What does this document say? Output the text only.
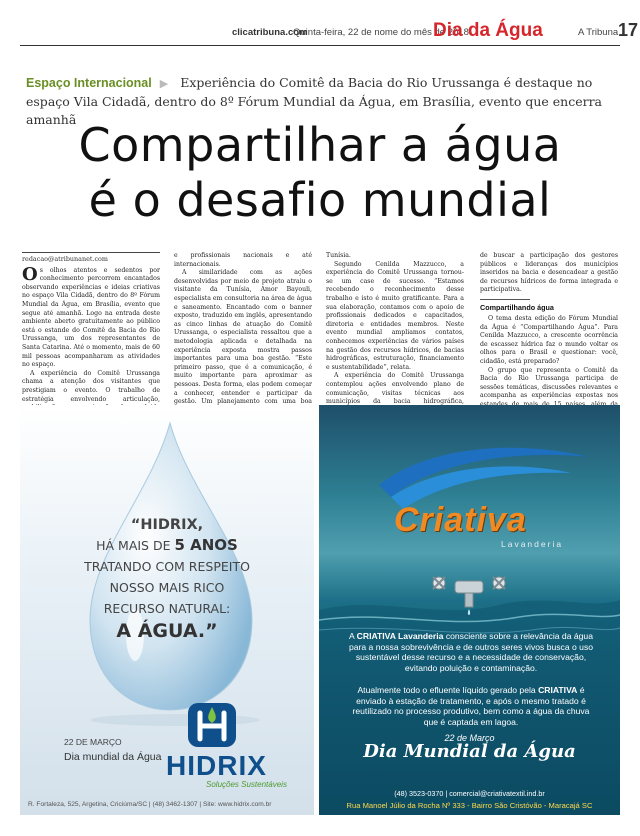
clicatribuna.com
Quinta-feira, 22 de nome do mês de 2018
Dia da Água	A Tribuna 17
Espaço Internacional ▶ Experiência do Comitê da Bacia do Rio Urussanga é destaque no espaço Vila Cidadã, dentro do 8º Fórum Mundial da Água, em Brasília, evento que encerra amanhã Compartilhar a água
é o desafio mundial
redacao@atribunanet.com

Os olhos atentos e sedentos por conhecimento percorrem encantados observando experiências e ideias criativas no espaço Vila Cidadã, dentro do 8º Fórum Mundial da Água, em Brasília, evento que segue até amanhã. Logo na entrada deste ambiente aberto gratuitamente ao público está o estande do Comitê da Bacia do Rio Urussanga, um dos representantes de Santa Catarina. Até o momento, mais de 60 mil pessoas acompanharam as atividades no espaço.

A experiência do Comitê Urussanga chama a atenção dos visitantes que prestigiam o evento. O trabalho de estratégia envolvendo articulação,

e profissionais nacionais e até internacionais.

A similaridade com as ações desenvolvidas por meio de projeto atraiu o visitante da Tunísia, Amor Bayouli, especialista em consultoria na área de água e saneamento. Encantado com o banner exposto, traduzido em inglês, apresentando as cinco linhas de atuação do Comitê Urussanga, o especialista ressaltou que a metodologia aplicada e detalhada na experiência exposta mostra passos importantes para uma boa gestão. “Este primeiro passo, que é a comunicação, é muito importante para aproximar as pessoas. Desta forma, elas podem começar a conhecer, entender e participar da gestão. Um planejamento com uma boa

Tunísia.

Segundo Cenilda Mazzucco, a experiência do Comitê Urussanga tornou-se um case de sucesso. “Estamos recebendo o reconhecimento desse trabalho e isto é muito gratificante. Para a sua elaboração, contamos com o apoio de profissionais dedicados e capacitados, diretoria e entidades membros. Neste evento mundial ampliamos contatos, conhecemos experiências de vários países na gestão dos recursos hídricos, de bacias hidrográficas, estruturação, financiamento e sustentabilidade”, relata.

A experiência do Comitê Urussanga contemplou ações envolvendo plano de comunicação, visitas técnicas aos municípios da bacia hidrográfica,

de buscar a participação dos gestores públicos e lideranças dos municípios inseridos na bacia e desencadear a gestão de recursos hídricos de forma integrada e participativa.

Compartilhando água

O tema desta edição do Fórum Mundial da Água é “Compartilhando Água”. Para Cenilda Mazzucco, a crescente ocorrência de escassez hídrica faz o mundo voltar os olhos para o Brasil e questionar: você, cidadão, está preparado?

O grupo que representa o Comitê da Bacia do Rio Urussanga participa de sessões temáticas, discussões relevantes e acompanha as experiências expostas nos

“HIDRIX,
HÁ MAIS DE 5 ANOS
TRATANDO COM RESPEITO
NOSSO MAIS RICO
RECURSO NATURAL:
A ÁGUA.”
22 DE MARÇO
Dia mundial da Água HIDRIX
Soluções Sustentáveis
R. Fortaleza, 525, Argetina, Criciúma/SC | (48) 3462-1307 | Site: www.hidrix.com.br
Criativa
Lavanderia
A CRIATIVA Lavanderia consciente sobre a relevância da água para a nossa sobrevivência e de outros seres vivos busca o uso sustentável desse recurso e a necessidade de conservação, evitando poluição e contaminação.
Atualmente todo o efluente líquido gerado pela CRIATIVA é enviado à estação de tratamento, e após o mesmo tratado é reutilizado no processo produtivo, bem como a água da chuva que é captada em lagoa.
22 de Março
Dia Mundial da Água
(48) 3523-0370 | comercial@criativatextil.ind.br
Rua Manoel Júlio da Rocha Nº 333 - Bairro São Cristóvão - Maracajá SC
